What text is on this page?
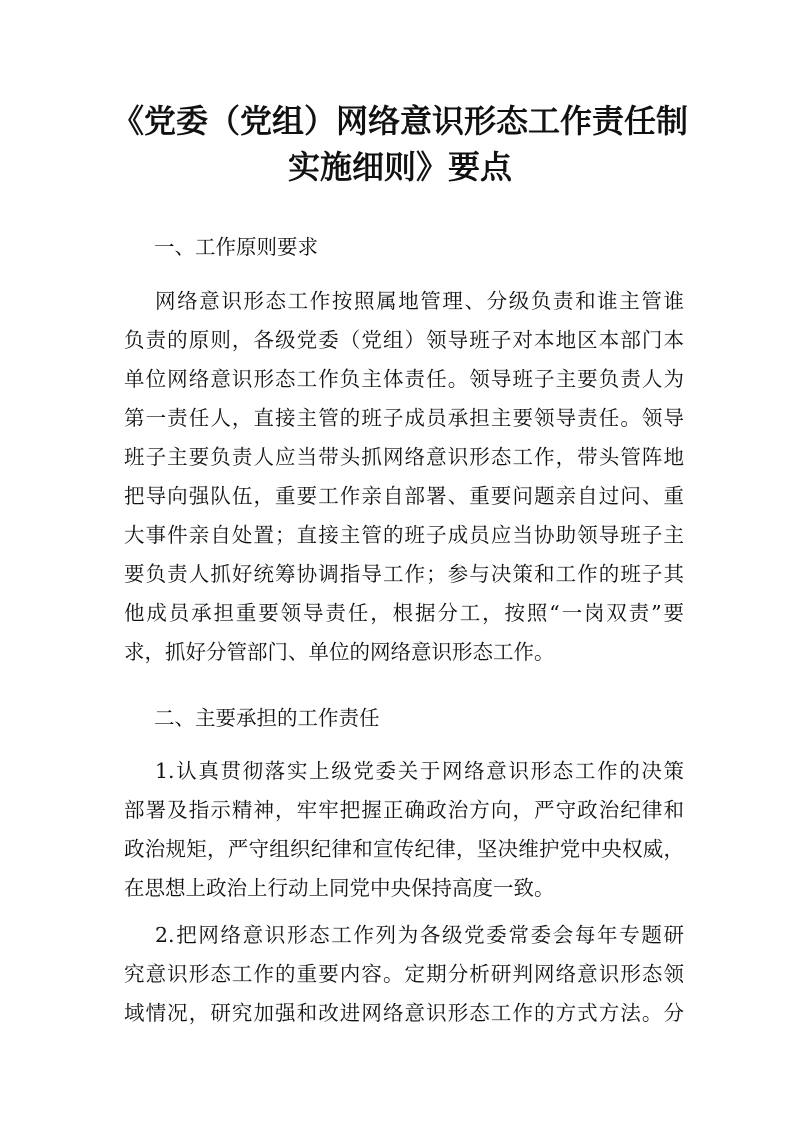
《党委（党组）网络意识形态工作责任制
实施细则》要点
一、工作原则要求
网络意识形态工作按照属地管理、分级负责和谁主管谁
负责的原则，各级党委（党组）领导班子对本地区本部门本
单位网络意识形态工作负主体责任。领导班子主要负责人为
第一责任人，直接主管的班子成员承担主要领导责任。领导
班子主要负责人应当带头抓网络意识形态工作，带头管阵地
把导向强队伍，重要工作亲自部署、重要问题亲自过问、重
大事件亲自处置；直接主管的班子成员应当协助领导班子主
要负责人抓好统筹协调指导工作；参与决策和工作的班子其
他成员承担重要领导责任，根据分工，按照“一岗双责”要
求，抓好分管部门、单位的网络意识形态工作。
二、主要承担的工作责任
1.认真贯彻落实上级党委关于网络意识形态工作的决策
部署及指示精神，牢牢把握正确政治方向，严守政治纪律和
政治规矩，严守组织纪律和宣传纪律，坚决维护党中央权威，
在思想上政治上行动上同党中央保持高度一致。
2.把网络意识形态工作列为各级党委常委会每年专题研
究意识形态工作的重要内容。定期分析研判网络意识形态领
域情况，研究加强和改进网络意识形态工作的方式方法。分
